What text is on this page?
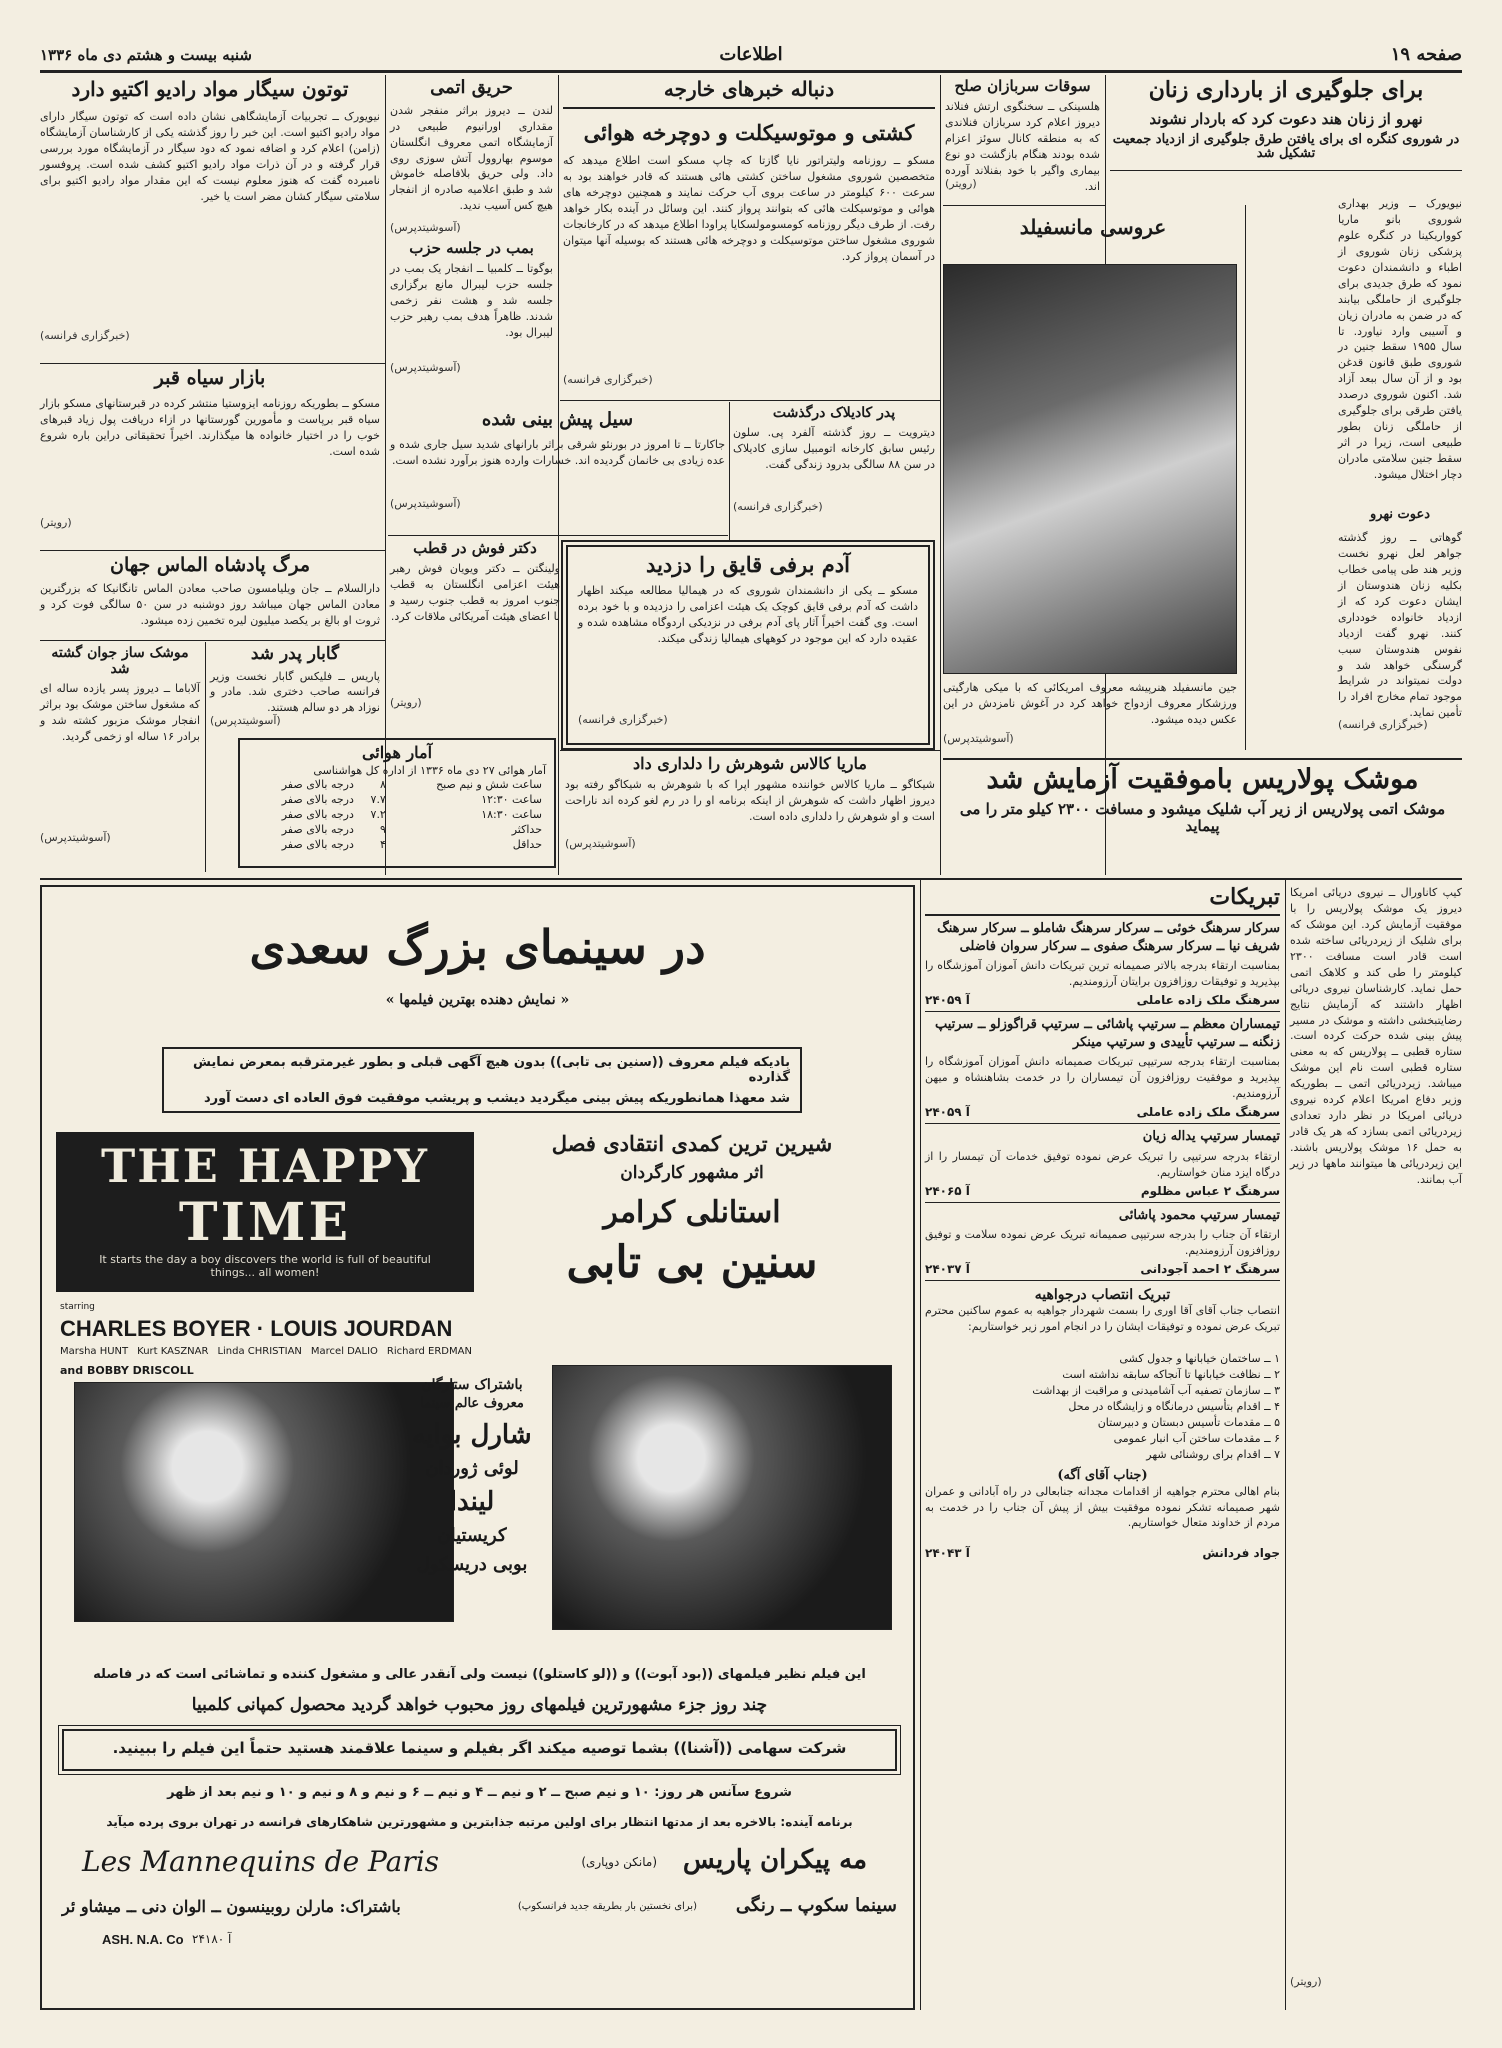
صفحه ۱۹
اطلاعات
شنبه بیست و هشتم دی ماه ۱۳۳۶
برای جلوگیری از بارداری زنان
نهرو از زنان هند دعوت کرد که باردار نشوند
در شوروی کنگره ای برای یافتن طرق جلوگیری از ازدیاد جمعیت تشکیل شد
نیویورک ــ وزیر بهداری شوروی بانو ماریا کوواریکینا در کنگره علوم پزشکی زنان شوروی از اطباء و دانشمندان دعوت نمود که طرق جدیدی برای جلوگیری از حاملگی بیابند که در ضمن به مادران زیان و آسیبی وارد نیاورد. تا سال ۱۹۵۵ سقط جنین در شوروی طبق قانون قدغن بود و از آن سال ببعد آزاد شد. اکنون شوروی درصدد یافتن طرقی برای جلوگیری از حاملگی زنان بطور طبیعی است، زیرا در اثر سقط جنین سلامتی مادران دچار اختلال میشود.
دعوت نهرو
گوهاتی ــ روز گذشته جواهر لعل نهرو نخست وزیر هند طی پیامی خطاب بکلیه زنان هندوستان از ایشان دعوت کرد که از ازدیاد خانواده خودداری کنند. نهرو گفت ازدیاد نفوس هندوستان سبب گرسنگی خواهد شد و دولت نمیتواند در شرایط موجود تمام مخارج افراد را تأمین نماید.
(خبرگزاری فرانسه)
عروسی مانسفیلد
جین مانسفیلد هنرپیشه معروف امریکائی که با میکی هارگیتی ورزشکار معروف ازدواج خواهد کرد در آغوش نامزدش در این عکس دیده میشود.
(آسوشیتدپرس)
سوقات سربازان صلح
هلسینکی ــ سخنگوی ارتش فنلاند دیروز اعلام کرد سربازان فنلاندی که به منطقه کانال سوئز اعزام شده بودند هنگام بازگشت دو نوع بیماری واگیر با خود بفنلاند آورده اند.
(رویتر)
دنباله خبرهای خارجه
کشتی و موتوسیکلت و دوچرخه هوائی
مسکو ــ روزنامه ولیتراتور نایا گازتا که چاپ مسکو است اطلاع میدهد که متخصصین شوروی مشغول ساختن کشتی هائی هستند که قادر خواهند بود به سرعت ۶۰۰ کیلومتر در ساعت بروی آب حرکت نمایند و همچنین دوچرخه های هوائی و موتوسیکلت هائی که بتوانند پرواز کنند. این وسائل در آینده بکار خواهد رفت. از طرف دیگر روزنامه کومسومولسکایا پراودا اطلاع میدهد که در کارخانجات شوروی مشغول ساختن موتوسیکلت و دوچرخه هائی هستند که بوسیله آنها میتوان در آسمان پرواز کرد.
(خبرگزاری فرانسه)
حریق اتمی
لندن ــ دیروز براثر منفجر شدن مقداری اورانیوم طبیعی در آزمایشگاه اتمی معروف انگلستان موسوم بهاروول آتش سوزی روی داد. ولی حریق بلافاصله خاموش شد و طبق اعلامیه صادره از انفجار هیچ کس آسیب ندید.
(آسوشیتدپرس)
بمب در جلسه حزب
بوگوتا ــ کلمبیا ــ انفجار یک بمب در جلسه حزب لیبرال مانع برگزاری جلسه شد و هشت نفر زخمی شدند. ظاهراً هدف بمب رهبر حزب لیبرال بود.
(آسوشیتدپرس)
توتون سیگار مواد رادیو اکتیو دارد
نیویورک ــ تجربیات آزمایشگاهی نشان داده است که توتون سیگار دارای مواد رادیو اکتیو است. این خبر را روز گذشته یکی از کارشناسان آزمایشگاه (زامن) اعلام کرد و اضافه نمود که دود سیگار در آزمایشگاه مورد بررسی قرار گرفته و در آن ذرات مواد رادیو اکتیو کشف شده است. پروفسور نامبرده گفت که هنوز معلوم نیست که این مقدار مواد رادیو اکتیو برای سلامتی سیگار کشان مضر است یا خیر.
(خبرگزاری فرانسه)
بازار سیاه قبر
مسکو ــ بطوریکه روزنامه ایزوستیا منتشر کرده در قبرستانهای مسکو بازار سیاه قبر برپاست و مأمورین گورستانها در ازاء دریافت پول زیاد قبرهای خوب را در اختیار خانواده ها میگذارند. اخیراً تحقیقاتی دراین باره شروع شده است.
(رویتر)
مرگ پادشاه الماس جهان
دارالسلام ــ جان ویلیامسون صاحب معادن الماس تانگانیکا که بزرگترین معادن الماس جهان میباشد روز دوشنبه در سن ۵۰ سالگی فوت کرد و ثروت او بالغ بر یکصد میلیون لیره تخمین زده میشود.
موشک ساز جوان گشته شد
آلاباما ــ دیروز پسر یازده ساله ای که مشغول ساختن موشک بود براثر انفجار موشک مزبور کشته شد و برادر ۱۶ ساله او زخمی گردید.
(آسوشیتدپرس)
گابار پدر شد
پاریس ــ فلیکس گابار نخست وزیر فرانسه صاحب دختری شد. مادر و نوزاد هر دو سالم هستند.
(آسوشیتدپرس)
آمار هوائی
آمار هوائی ۲۷ دی ماه ۱۳۳۶ از اداره کل هواشناسی
ساعت شش و نیم صبح	۸	درجه بالای صفر
ساعت ۱۲:۳۰	۷.۷	درجه بالای صفر
ساعت ۱۸:۳۰	۷.۲	درجه بالای صفر
حداکثر	۹	درجه بالای صفر
حداقل	۴	درجه بالای صفر
سیل پیش بینی شده
جاکارتا ــ تا امروز در بورنئو شرقی براثر بارانهای شدید سیل جاری شده و عده زیادی بی خانمان گردیده اند. خسارات وارده هنوز برآورد نشده است.
(آسوشیتدپرس)
پدر کادیلاک درگذشت
دیترویت ــ روز گذشته آلفرد پی. سلون رئیس سابق کارخانه اتومبیل سازی کادیلاک در سن ۸۸ سالگی بدرود زندگی گفت.
(خبرگزاری فرانسه)
دکتر فوش در قطب
ولینگتن ــ دکتر ویویان فوش رهبر هیئت اعزامی انگلستان به قطب جنوب امروز به قطب جنوب رسید و با اعضای هیئت آمریکائی ملاقات کرد.
(رویتر)
آدم برفی قایق را دزدید
مسکو ــ یکی از دانشمندان شوروی که در هیمالیا مطالعه میکند اظهار داشت که آدم برفی قایق کوچک یک هیئت اعزامی را دزدیده و با خود برده است. وی گفت اخیراً آثار پای آدم برفی در نزدیکی اردوگاه مشاهده شده و عقیده دارد که این موجود در کوههای هیمالیا زندگی میکند.
(خبرگزاری فرانسه)
ماریا کالاس شوهرش را دلداری داد
شیکاگو ــ ماریا کالاس خواننده مشهور اپرا که با شوهرش به شیکاگو رفته بود دیروز اظهار داشت که شوهرش از اینکه برنامه او را در رم لغو کرده اند ناراحت است و او شوهرش را دلداری داده است.
(آسوشیتدپرس)
موشک پولاریس باموفقیت آزمایش شد
موشک اتمی پولاریس از زیر آب شلیک میشود و مسافت ۲۳۰۰ کیلو متر را می پیماید
کیپ کاناورال ــ نیروی دریائی امریکا دیروز یک موشک پولاریس را با موفقیت آزمایش کرد. این موشک که برای شلیک از زیردریائی ساخته شده است قادر است مسافت ۲۳۰۰ کیلومتر را طی کند و کلاهک اتمی حمل نماید. کارشناسان نیروی دریائی اظهار داشتند که آزمایش نتایج رضایتبخشی داشته و موشک در مسیر پیش بینی شده حرکت کرده است. ستاره قطبی ــ پولاریس که به معنی ستاره قطبی است نام این موشک میباشد. زیردریائی اتمی ــ بطوریکه وزیر دفاع امریکا اعلام کرده نیروی دریائی امریکا در نظر دارد تعدادی زیردریائی اتمی بسازد که هر یک قادر به حمل ۱۶ موشک پولاریس باشند. این زیردریائی ها میتوانند ماهها در زیر آب بمانند.
(رویتر)
تبریکات
سرکار سرهنگ خوئی ــ سرکار سرهنگ شاملو ــ سرکار سرهنگ شریف نیا ــ سرکار سرهنگ صفوی ــ سرکار سروان فاضلی
بمناسبت ارتقاء بدرجه بالاتر صمیمانه ترین تبریکات دانش آموزان آموزشگاه را بپذیرید و توفیقات روزافزون برایتان آرزومندیم.
سرهنگ ملک زاده عاملی
آ ۲۴۰۵۹
تیمساران معظم ــ سرتیپ پاشائی ــ سرتیپ قراگوزلو ــ سرتیپ زنگنه ــ سرتیپ تأییدی و سرتیپ مینکر
بمناسبت ارتقاء بدرجه سرتیپی تبریکات صمیمانه دانش آموزان آموزشگاه را بپذیرید و موفقیت روزافزون آن تیمساران را در خدمت بشاهنشاه و میهن آرزومندیم.
سرهنگ ملک زاده عاملی
آ ۲۴۰۵۹
تیمسار سرتیپ یداله زیان
ارتقاء بدرجه سرتیپی را تبریک عرض نموده توفیق خدمات آن تیمسار را از درگاه ایزد منان خواستاریم.
سرهنگ ۲ عباس مظلوم
آ ۲۴۰۶۵
تیمسار سرتیپ محمود پاشائی
ارتقاء آن جناب را بدرجه سرتیپی صمیمانه تبریک عرض نموده سلامت و توفیق روزافزون آرزومندیم.
سرهنگ ۲ احمد آجودانی
آ ۲۴۰۳۷
تبریک انتصاب درجواهیه
انتصاب جناب آقای آقا اوری را بسمت شهردار جواهیه به عموم ساکنین محترم تبریک عرض نموده و توفیقات ایشان را در انجام امور زیر خواستاریم:
۱ ــ ساختمان خیابانها و جدول کشی
۲ ــ نظافت خیابانها تا آنجاکه سابقه نداشته است
۳ ــ سازمان تصفیه آب آشامیدنی و مراقبت از بهداشت
۴ ــ اقدام بتأسیس درمانگاه و زایشگاه در محل
۵ ــ مقدمات تأسیس دبستان و دبیرستان
۶ ــ مقدمات ساختن آب انبار عمومی
۷ ــ اقدام برای روشنائی شهر
(جناب آقای آگه)
بنام اهالی محترم جواهیه از اقدامات مجدانه جنابعالی در راه آبادانی و عمران شهر صمیمانه تشکر نموده موفقیت بیش از پیش آن جناب را در خدمت به مردم از خداوند متعال خواستاریم.
جواد فردانش
آ ۲۴۰۴۳
در سینمای بزرگ سعدی
« نمایش دهنده بهترین فیلمها »
بادیکه فیلم معروف ((سنین بی تابی)) بدون هیچ آگهی قبلی و بطور غیرمترقبه بمعرض نمایش گذارده
شد معهذا همانطوریکه پیش بینی میگردید دیشب و پریشب موفقیت فوق العاده ای دست آورد
THE HAPPY
TIME
It starts the day a boy discovers the world is full of beautiful things... all women!
starring
CHARLES BOYER · LOUIS JOURDAN
Marsha HUNT Kurt KASZNAR Linda CHRISTIAN Marcel DALIO Richard ERDMAN
and BOBBY DRISCOLL
شیرین ترین کمدی انتقادی فصل
اثر مشهور کارگردان
استانلی کرامر
سنین بی تابی
باشتراک ستارگان
معروف عالم سینما
شارل بوایه
لوئی ژوردان
لیندا
کریستیان
بوبی دریسکول
این فیلم نظیر فیلمهای ((بود آبوت)) و ((لو کاستلو)) نیست ولی آنقدر عالی و مشغول کننده و تماشائی است که در فاصله
چند روز جزء مشهورترین فیلمهای روز محبوب خواهد گردید محصول کمپانی کلمبیا
شرکت سهامی ((آشنا)) بشما توصیه میکند اگر بفیلم و سینما علاقمند هستید حتماً این فیلم را ببینید.
شروع سآنس هر روز: ۱۰ و نیم صبح ــ ۲ و نیم ــ ۴ و نیم ــ ۶ و نیم و ۸ و نیم و ۱۰ و نیم بعد از ظهر
برنامه آینده: بالاخره بعد از مدتها انتظار برای اولین مرتبه جذابترین و مشهورترین شاهکارهای فرانسه در تهران بروی پرده میآید
مه پیکران پاریس
(مانکن دوپاری)
Les Mannequins de Paris
سینما سکوپ ــ رنگی
(برای نخستین بار بطریقه جدید فرانسکوپ)
باشتراک: مارلن روبینسون ــ الوان دنی ــ میشاو ئر
ASH. N.A. Co آ ۲۴۱۸۰
